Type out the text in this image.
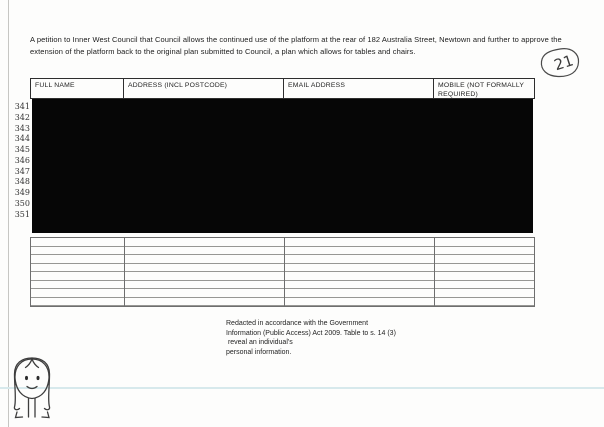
A petition to Inner West Council that Council allows the continued use of the platform at the rear of 182 Australia Street, Newtown and further to approve the extension of the platform back to the original plan submitted to Council, a plan which allows for tables and chairs.	21
FULL NAME	ADDRESS (INCL POSTCODE)	EMAIL ADDRESS	MOBILE (NOT FORMALLY REQUIRED)
341
342
343
344
345
346
347
348
349
350
351
Redacted in accordance with the Government
Information (Public Access) Act 2009. Table to s. 14 (3)
reveal an individual's
personal information.
